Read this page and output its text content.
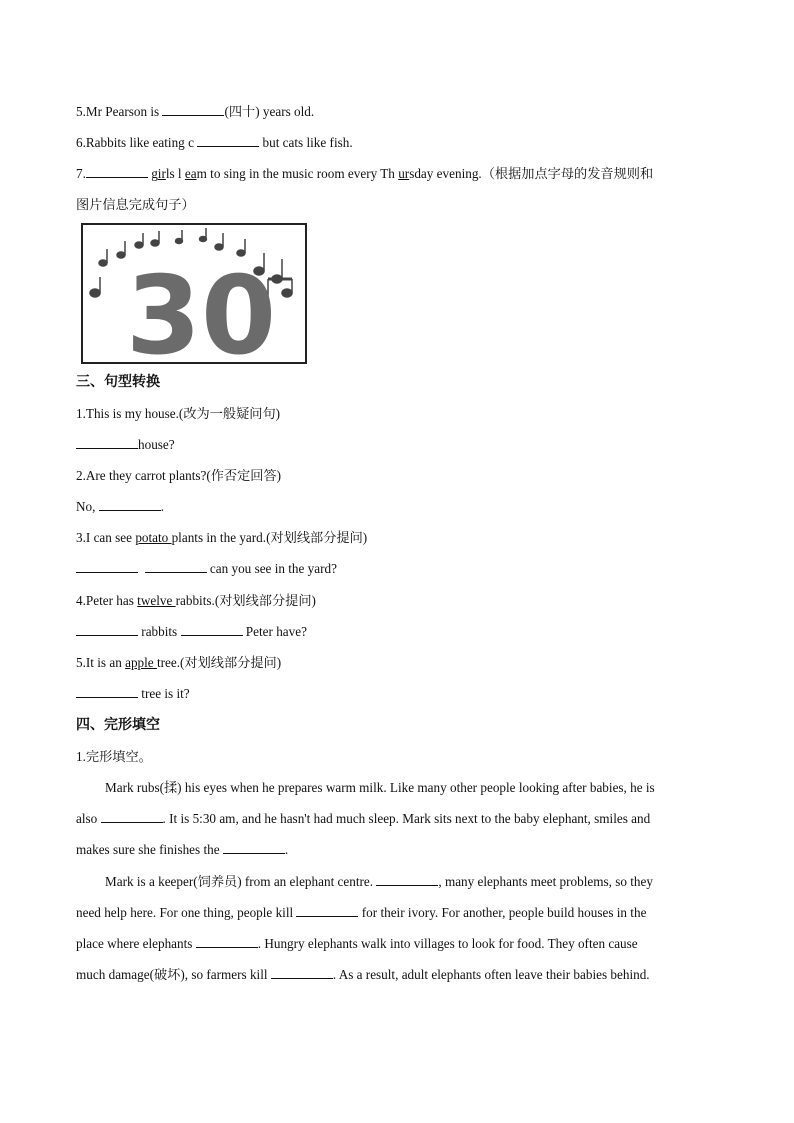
5.Mr Pearson is	(四十) years old.
6.Rabbits like eating c	but cats like fish.
7.	girls l eam to sing in the music room every Th ursday evening.（根据加点字母的发音规则和
图片信息完成句子）
30
三、句型转换
1.This is my house.(改为一般疑问句)
house?
2.Are they carrot plants?(作否定回答)
No,	.
3.I can see potato plants in the yard.(对划线部分提问)
can you see in the yard?
4.Peter has twelve rabbits.(对划线部分提问)
rabbits	Peter have?
5.It is an apple tree.(对划线部分提问)
tree is it?
四、完形填空
1.完形填空。
Mark rubs(揉) his eyes when he prepares warm milk. Like many other people looking after babies, he is
also	. It is 5:30 am, and he hasn't had much sleep. Mark sits next to the baby elephant, smiles and
makes sure she finishes the	.
Mark is a keeper(饲养员) from an elephant centre.	, many elephants meet problems, so they
need help here. For one thing, people kill	for their ivory. For another, people build houses in the
place where elephants	. Hungry elephants walk into villages to look for food. They often cause
much damage(破坏), so farmers kill	. As a result, adult elephants often leave their babies behind.
